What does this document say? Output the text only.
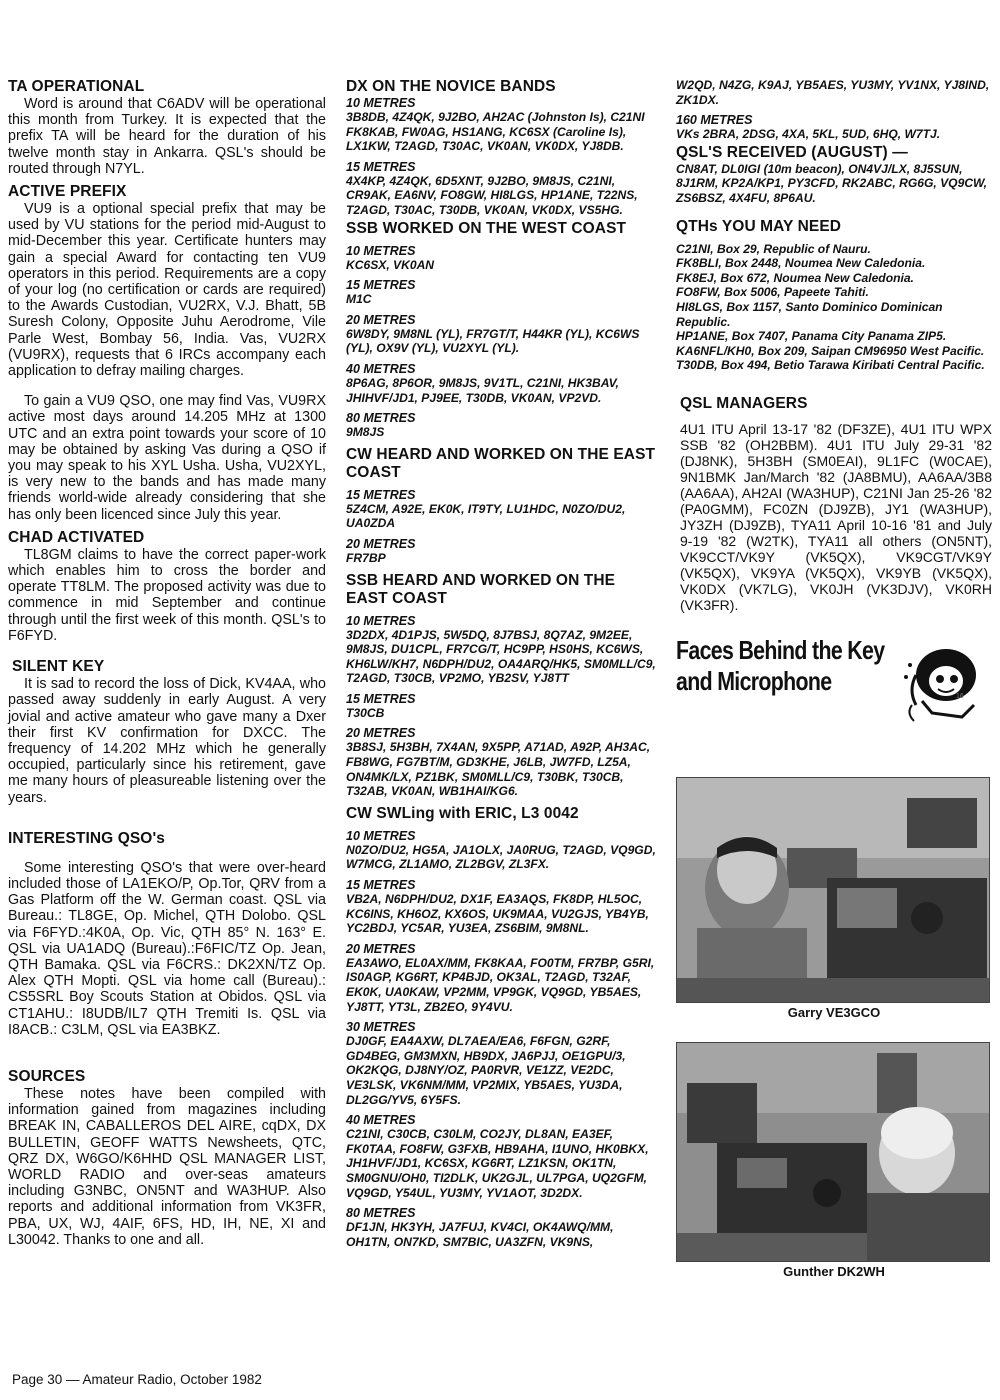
TA OPERATIONAL

Word is around that C6ADV will be operational this month from Turkey. It is expected that the prefix TA will be heard for the duration of his twelve month stay in Ankarra. QSL's should be routed through N7YL.

ACTIVE PREFIX

VU9 is a optional special prefix that may be used by VU stations for the period mid-August to mid-December this year. Certificate hunters may gain a special Award for contacting ten VU9 operators in this period. Requirements are a copy of your log (no certification or cards are required) to the Awards Custodian, VU2RX, V.J. Bhatt, 5B Suresh Colony, Opposite Juhu Aerodrome, Vile Parle West, Bombay 56, India. Vas, VU2RX (VU9RX), requests that 6 IRCs accompany each application to defray mailing charges.

To gain a VU9 QSO, one may find Vas, VU9RX active most days around 14.205 MHz at 1300 UTC and an extra point towards your score of 10 may be obtained by asking Vas during a QSO if you may speak to his XYL Usha. Usha, VU2XYL, is very new to the bands and has made many friends world-wide already considering that she has only been licenced since July this year.

CHAD ACTIVATED

TL8GM claims to have the correct paper-work which enables him to cross the border and operate TT8LM. The proposed activity was due to commence in mid September and continue through until the first week of this month. QSL's to F6FYD.

SILENT KEY

It is sad to record the loss of Dick, KV4AA, who passed away suddenly in early August. A very jovial and active amateur who gave many a Dxer their first KV confirmation for DXCC. The frequency of 14.202 MHz which he generally occupied, particularly since his retirement, gave me many hours of pleasureable listening over the years.

INTERESTING QSO's

Some interesting QSO's that were over-heard included those of LA1EKO/P, Op.Tor, QRV from a Gas Platform off the W. German coast. QSL via Bureau.: TL8GE, Op. Michel, QTH Dolobo. QSL via F6FYD.:4K0A, Op. Vic, QTH 85° N. 163° E. QSL via UA1ADQ (Bureau).:F6FIC/TZ Op. Jean, QTH Bamaka. QSL via F6CRS.: DK2XN/TZ Op. Alex QTH Mopti. QSL via home call (Bureau).: CS5SRL Boy Scouts Station at Obidos. QSL via CT1AHU.: I8UDB/IL7 QTH Tremiti Is. QSL via I8ACB.: C3LM, QSL via EA3BKZ.

SOURCES

These notes have been compiled with information gained from magazines including BREAK IN, CABALLEROS DEL AIRE, cqDX, DX BULLETIN, GEOFF WATTS Newsheets, QTC, QRZ DX, W6GO/K6HHD QSL MANAGER LIST, WORLD RADIO and over-seas amateurs including G3NBC, ON5NT and WA3HUP. Also reports and additional information from VK3FR, PBA, UX, WJ, 4AIF, 6FS, HD, IH, NE, XI and L30042. Thanks to one and all.

DX ON THE NOVICE BANDS

10 METRES

3B8DB, 4Z4QK, 9J2BO, AH2AC (Johnston Is), C21NI FK8KAB, FW0AG, HS1ANG, KC6SX (Caroline Is), LX1KW, T2AGD, T30AC, VK0AN, VK0DX, YJ8DB.

15 METRES

4X4KP, 4Z4QK, 6D5XNT, 9J2BO, 9M8JS, C21NI, CR9AK, EA6NV, FO8GW, HI8LGS, HP1ANE, T22NS, T2AGD, T30AC, T30DB, VK0AN, VK0DX, VS5HG.

SSB WORKED ON THE WEST COAST

10 METRES

KC6SX, VK0AN

15 METRES

M1C

20 METRES

6W8DY, 9M8NL (YL), FR7GT/T, H44KR (YL), KC6WS (YL), OX9V (YL), VU2XYL (YL).

40 METRES

8P6AG, 8P6OR, 9M8JS, 9V1TL, C21NI, HK3BAV, JHIHVF/JD1, PJ9EE, T30DB, VK0AN, VP2VD.

80 METRES

9M8JS

CW HEARD AND WORKED ON THE EAST COAST

15 METRES

5Z4CM, A92E, EK0K, IT9TY, LU1HDC, N0ZO/DU2, UA0ZDA

20 METRES

FR7BP

SSB HEARD AND WORKED ON THE EAST COAST

10 METRES

3D2DX, 4D1PJS, 5W5DQ, 8J7BSJ, 8Q7AZ, 9M2EE, 9M8JS, DU1CPL, FR7CG/T, HC9PP, HS0HS, KC6WS, KH6LW/KH7, N6DPH/DU2, OA4ARQ/HK5, SM0MLL/C9, T2AGD, T30CB, VP2MO, YB2SV, YJ8TT

15 METRES

T30CB

20 METRES

3B8SJ, 5H3BH, 7X4AN, 9X5PP, A71AD, A92P, AH3AC, FB8WG, FG7BT/M, GD3KHE, J6LB, JW7FD, LZ5A, ON4MK/LX, PZ1BK, SM0MLL/C9, T30BK, T30CB, T32AB, VK0AN, WB1HAI/KG6.

CW SWLing with ERIC, L3 0042

10 METRES

N0ZO/DU2, HG5A, JA1OLX, JA0RUG, T2AGD, VQ9GD, W7MCG, ZL1AMO, ZL2BGV, ZL3FX.

15 METRES

VB2A, N6DPH/DU2, DX1F, EA3AQS, FK8DP, HL5OC, KC6INS, KH6OZ, KX6OS, UK9MAA, VU2GJS, YB4YB, YC2BDJ, YC5AR, YU3EA, ZS6BIM, 9M8NL.

20 METRES

EA3AWO, EL0AX/MM, FK8KAA, FO0TM, FR7BP, G5RI, IS0AGP, KG6RT, KP4BJD, OK3AL, T2AGD, T32AF, EK0K, UA0KAW, VP2MM, VP9GK, VQ9GD, YB5AES, YJ8TT, YT3L, ZB2EO, 9Y4VU.

30 METRES

DJ0GF, EA4AXW, DL7AEA/EA6, F6FGN, G2RF, GD4BEG, GM3MXN, HB9DX, JA6PJJ, OE1GPU/3, OK2KQG, DJ8NY/OZ, PA0RVR, VE1ZZ, VE2DC, VE3LSK, VK6NM/MM, VP2MIX, YB5AES, YU3DA, DL2GG/YV5, 6Y5FS.

40 METRES

C21NI, C30CB, C30LM, CO2JY, DL8AN, EA3EF, FK0TAA, FO8FW, G3FXB, HB9AHA, I1UNO, HK0BKX, JH1HVF/JD1, KC6SX, KG6RT, LZ1KSN, OK1TN, SM0GNU/OH0, TI2DLK, UK2GJL, UL7PGA, UQ2GFM, VQ9GD, Y54UL, YU3MY, YV1AOT, 3D2DX.

80 METRES

DF1JN, HK3YH, JA7FUJ, KV4CI, OK4AWQ/MM, OH1TN, ON7KD, SM7BIC, UA3ZFN, VK9NS,

W2QD, N4ZG, K9AJ, YB5AES, YU3MY, YV1NX, YJ8IND, ZK1DX.

160 METRES

VKs 2BRA, 2DSG, 4XA, 5KL, 5UD, 6HQ, W7TJ.

QSL'S RECEIVED (AUGUST) —

CN8AT, DL0IGI (10m beacon), ON4VJ/LX, 8J5SUN, 8J1RM, KP2A/KP1, PY3CFD, RK2ABC, RG6G, VQ9CW, ZS6BSZ, 4X4FU, 8P6AU.

QTHs YOU MAY NEED

C21NI, Box 29, Republic of Nauru.

FK8BLI, Box 2448, Noumea New Caledonia.

FK8EJ, Box 672, Noumea New Caledonia.

FO8FW, Box 5006, Papeete Tahiti.

HI8LGS, Box 1157, Santo Dominico Dominican Republic.

HP1ANE, Box 7407, Panama City Panama ZIP5.

KA6NFL/KH0, Box 209, Saipan CM96950 West Pacific.

T30DB, Box 494, Betio Tarawa Kiribati Central Pacific.

QSL MANAGERS

4U1 ITU April 13-17 '82 (DF3ZE), 4U1 ITU WPX SSB '82 (OH2BBM). 4U1 ITU July 29-31 '82 (DJ8NK), 5H3BH (SM0EAI), 9L1FC (W0CAE), 9N1BMK Jan/March '82 (JA8BMU), AA6AA/3B8 (AA6AA), AH2AI (WA3HUP), C21NI Jan 25-26 '82 (PA0GMM), FC0ZN (DJ9ZB), JY1 (WA3HUP), JY3ZH (DJ9ZB), TYA11 April 10-16 '81 and July 9-19 '82 (W2TK), TYA11 all others (ON5NT), VK9CCT/VK9Y (VK5QX), VK9CGT/VK9Y (VK5QX), VK9YA (VK5QX), VK9YB (VK5QX), VK0DX (VK7LG), VK0JH (VK3DJV), VK0RH (VK3FR).

Faces Behind the Key
and Microphone
Garry VE3GCO
Gunther DK2WH
16
Page 30 — Amateur Radio, October 1982
